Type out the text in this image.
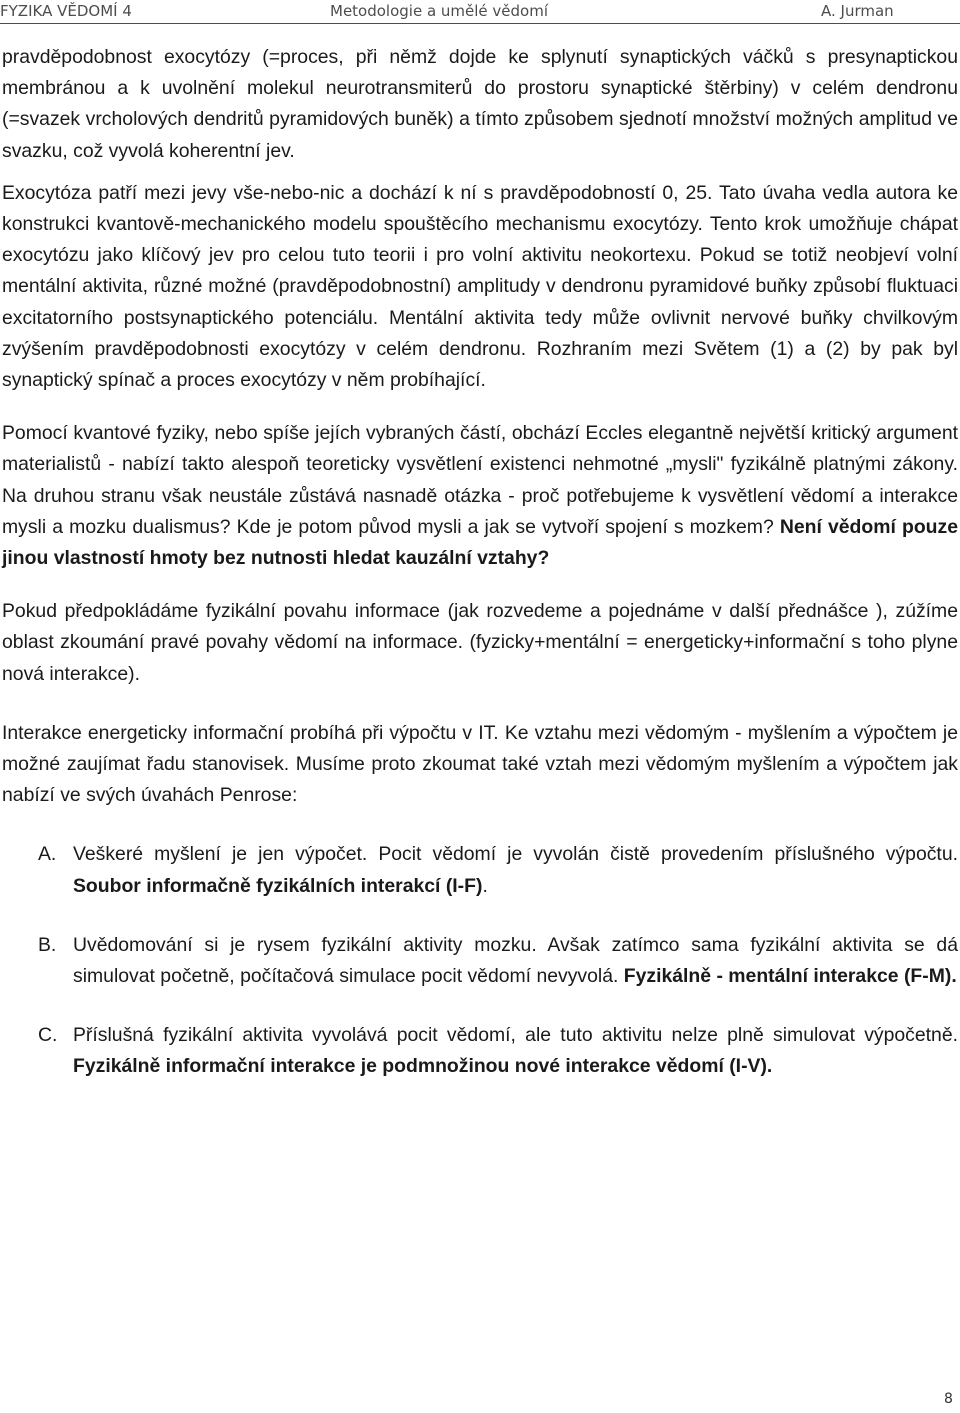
FYZIKA VĚDOMÍ 4	Metodologie a umělé vědomí	A. Jurman

pravděpodobnost exocytózy (=proces, při němž dojde ke splynutí synaptických váčků s presynaptickou membránou a k uvolnění molekul neurotransmiterů do prostoru synaptické štěrbiny) v celém dendronu (=svazek vrcholových dendritů pyramidových buněk) a tímto způsobem sjednotí množství možných amplitud ve svazku, což vyvolá koherentní jev.

Exocytóza patří mezi jevy vše-nebo-nic a dochází k ní s pravděpodobností 0, 25. Tato úvaha vedla autora ke konstrukci kvantově-mechanického modelu spouštěcího mechanismu exocytózy. Tento krok umožňuje chápat exocytózu jako klíčový jev pro celou tuto teorii i pro volní aktivitu neokortexu. Pokud se totiž neobjeví volní mentální aktivita, různé možné (pravděpodobnostní) amplitudy v dendronu pyramidové buňky způsobí fluktuaci excitatorního postsynaptického potenciálu. Mentální aktivita tedy může ovlivnit nervové buňky chvilkovým zvýšením pravděpodobnosti exocytózy v celém dendronu. Rozhraním mezi Světem (1) a (2) by pak byl synaptický spínač a proces exocytózy v něm probíhající.

Pomocí kvantové fyziky, nebo spíše jejích vybraných částí, obchází Eccles elegantně největší kritický argument materialistů - nabízí takto alespoň teoreticky vysvětlení existenci nehmotné „mysli" fyzikálně platnými zákony. Na druhou stranu však neustále zůstává nasnadě otázka - proč potřebujeme k vysvětlení vědomí a interakce mysli a mozku dualismus? Kde je potom původ mysli a jak se vytvoří spojení s mozkem? Není vědomí pouze jinou vlastností hmoty bez nutnosti hledat kauzální vztahy?

Pokud předpokládáme fyzikální povahu informace (jak rozvedeme a pojednáme v další přednášce ), zúžíme oblast zkoumání pravé povahy vědomí na informace. (fyzicky+mentální = energeticky+informační s toho plyne nová interakce).

Interakce energeticky informační probíhá při výpočtu v IT. Ke vztahu mezi vědomým - myšlením a výpočtem je možné zaujímat řadu stanovisek. Musíme proto zkoumat také vztah mezi vědomým myšlením a výpočtem jak nabízí ve svých úvahách Penrose:

A. Veškeré myšlení je jen výpočet. Pocit vědomí je vyvolán čistě provedením příslušného výpočtu. Soubor informačně fyzikálních interakcí (I-F).

B. Uvědomování si je rysem fyzikální aktivity mozku. Avšak zatímco sama fyzikální aktivita se dá simulovat početně, počítačová simulace pocit vědomí nevyvolá. Fyzikálně - mentální interakce (F-M).

C. Příslušná fyzikální aktivita vyvolává pocit vědomí, ale tuto aktivitu nelze plně simulovat výpočetně. Fyzikálně informační interakce je podmnožinou nové interakce vědomí (I-V).

8
